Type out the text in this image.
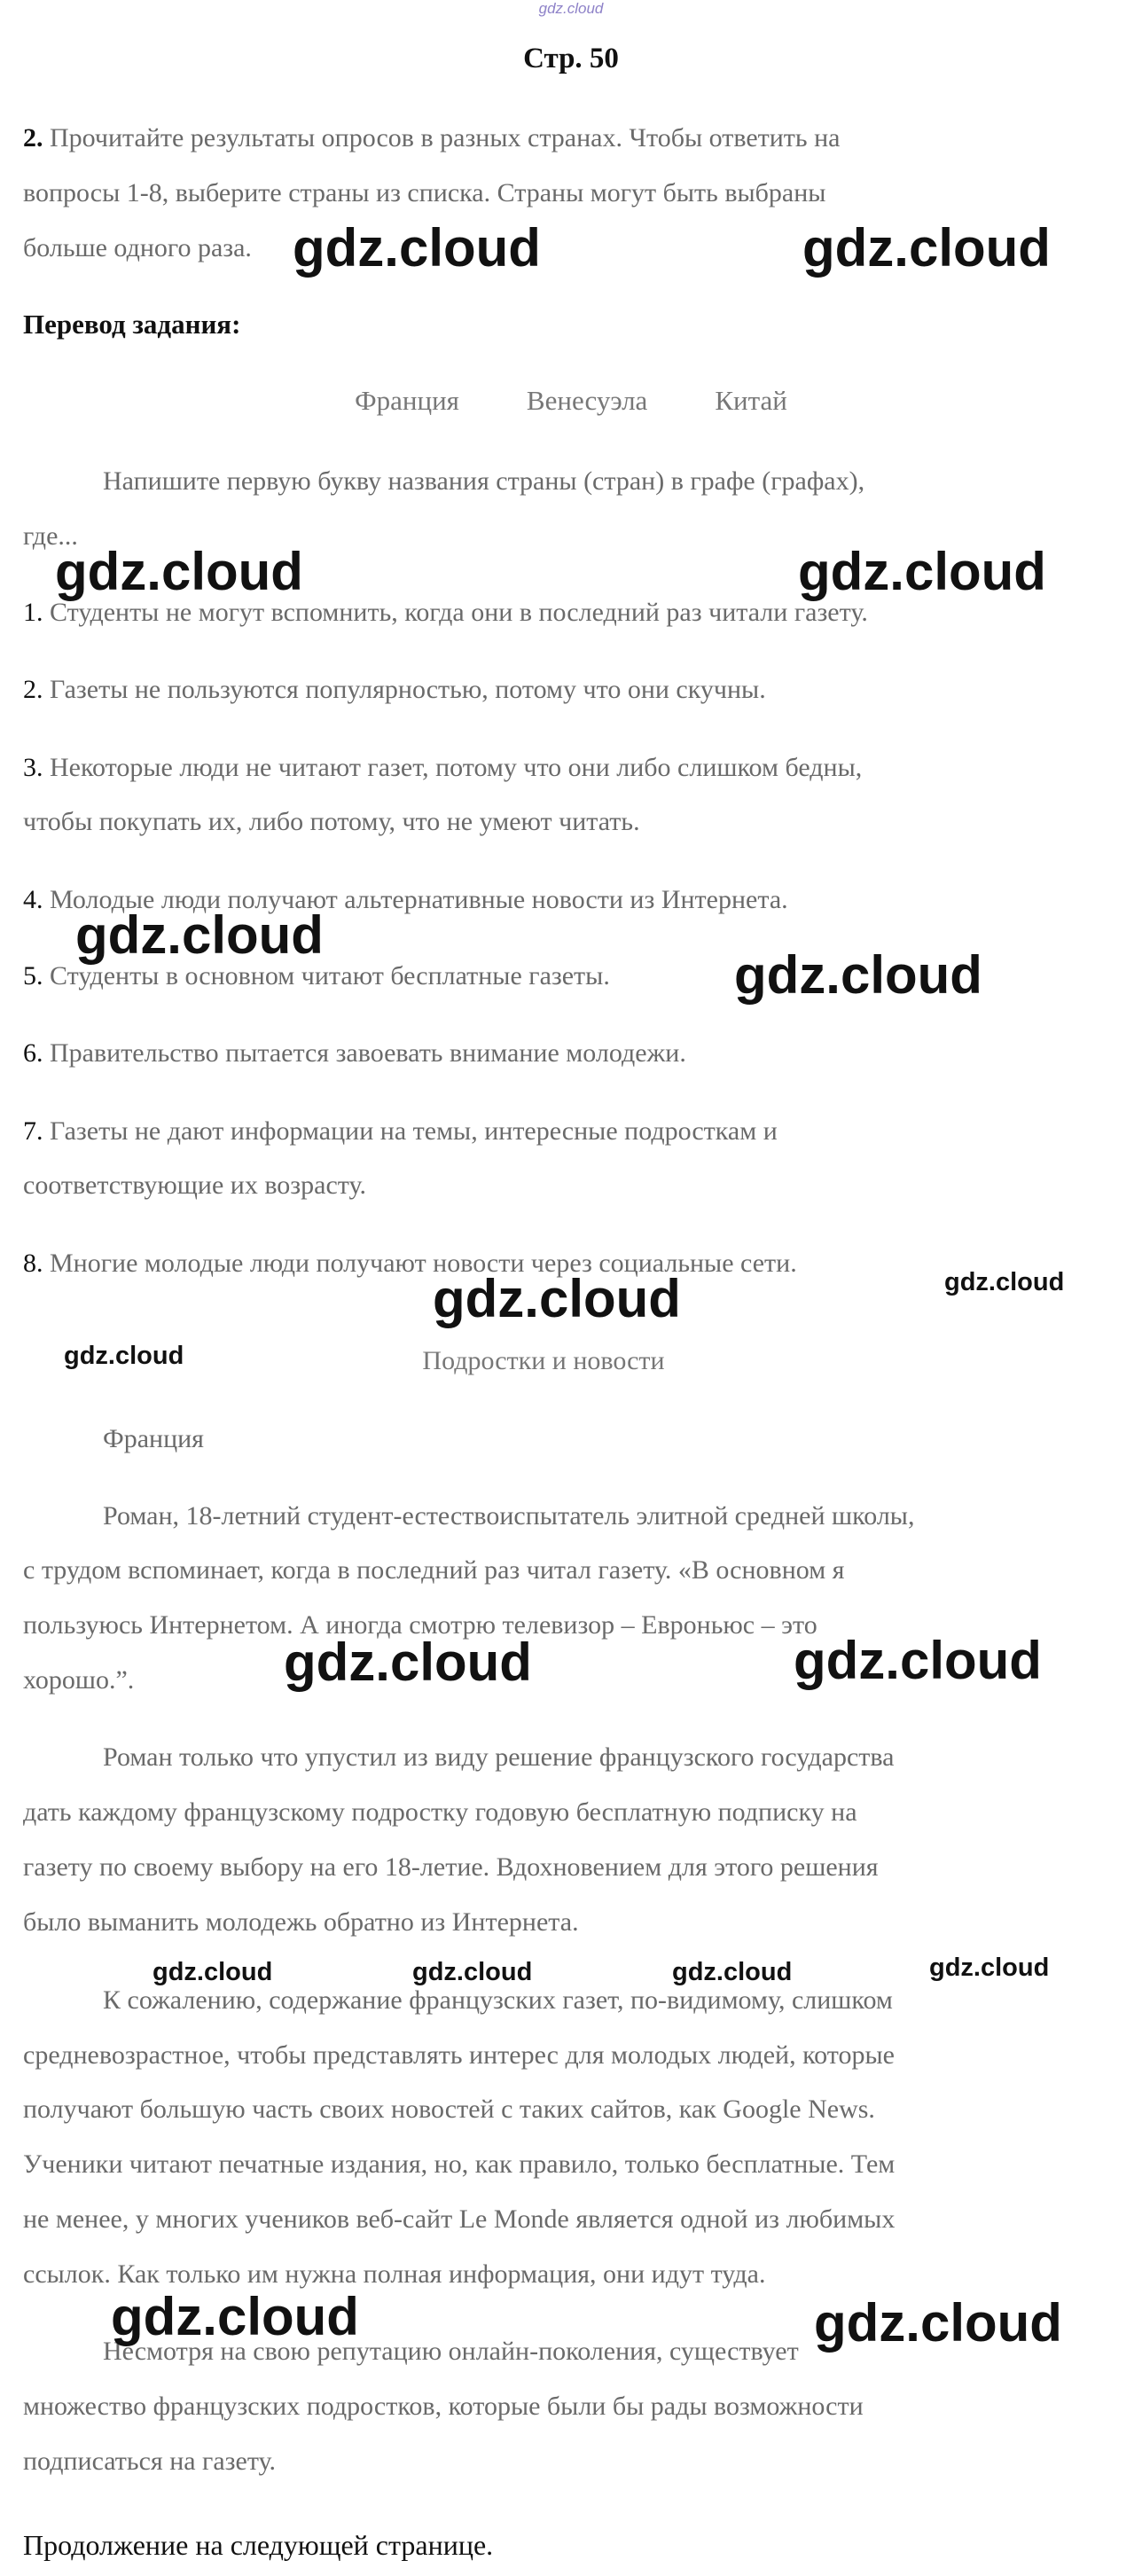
gdz.cloud
Стр. 50
2. Прочитайте результаты опросов в разных странах. Чтобы ответить на
вопросы 1-8, выберите страны из списка. Страны могут быть выбраны
больше одного раза.
Перевод задания:
Франция Венесуэла Китай
Напишите первую букву названия страны (стран) в графе (графах),
где...
1. Студенты не могут вспомнить, когда они в последний раз читали газету.
2. Газеты не пользуются популярностью, потому что они скучны.
3. Некоторые люди не читают газет, потому что они либо слишком бедны,
чтобы покупать их, либо потому, что не умеют читать.
4. Молодые люди получают альтернативные новости из Интернета.
5. Студенты в основном читают бесплатные газеты.
6. Правительство пытается завоевать внимание молодежи.
7. Газеты не дают информации на темы, интересные подросткам и
соответствующие их возрасту.
8. Многие молодые люди получают новости через социальные сети.
Подростки и новости
Франция
Роман, 18-летний студент-естествоиспытатель элитной средней школы,
с трудом вспоминает, когда в последний раз читал газету. «В основном я
пользуюсь Интернетом. А иногда смотрю телевизор – Евроньюс – это
хорошо.”.
Роман только что упустил из виду решение французского государства
дать каждому французскому подростку годовую бесплатную подписку на
газету по своему выбору на его 18-летие. Вдохновением для этого решения
было выманить молодежь обратно из Интернета.
К сожалению, содержание французских газет, по-видимому, слишком
средневозрастное, чтобы представлять интерес для молодых людей, которые
получают большую часть своих новостей с таких сайтов, как Google News.
Ученики читают печатные издания, но, как правило, только бесплатные. Тем
не менее, у многих учеников веб-сайт Le Monde является одной из любимых
ссылок. Как только им нужна полная информация, они идут туда.
Несмотря на свою репутацию онлайн-поколения, существует
множество французских подростков, которые были бы рады возможности
подписаться на газету.
Продолжение на следующей странице.
gdz.cloud	gdz.cloud
gdz.cloud	gdz.cloud
gdz.cloud
gdz.cloud
gdz.cloud	gdz.cloud
gdz.cloud
gdz.cloud	gdz.cloud
gdz.cloud	gdz.cloud	gdz.cloud	gdz.cloud
gdz.cloud	gdz.cloud
